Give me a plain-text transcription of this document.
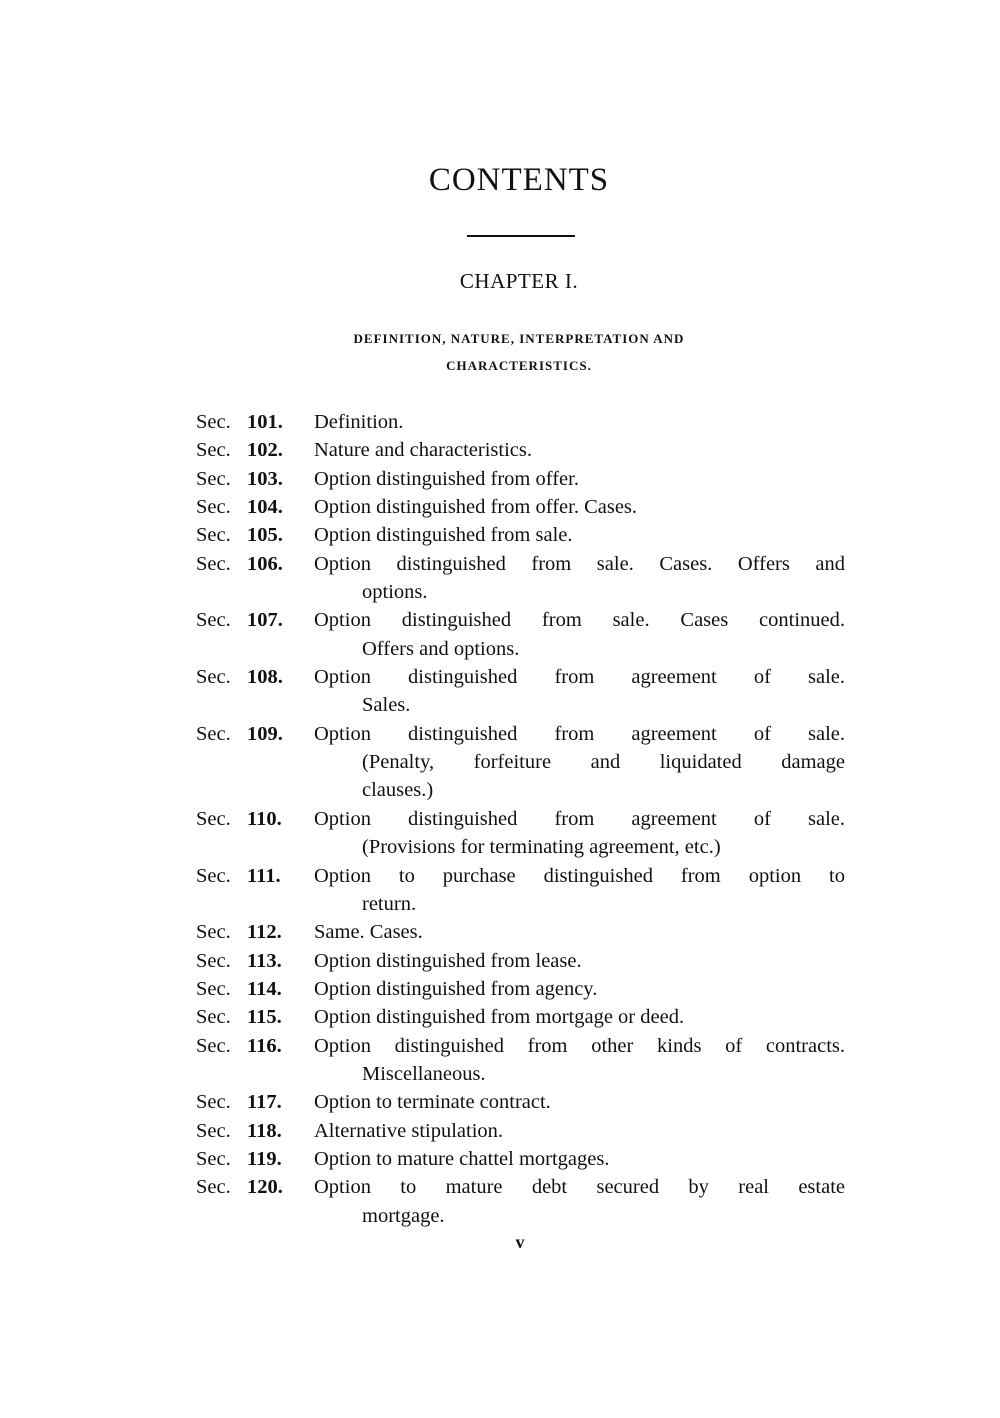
CONTENTS
CHAPTER I.
DEFINITION, NATURE, INTERPRETATION AND
CHARACTERISTICS.
Sec. 101. Definition.
Sec. 102. Nature and characteristics.
Sec. 103. Option distinguished from offer.
Sec. 104. Option distinguished from offer. Cases.
Sec. 105. Option distinguished from sale.
Sec. 106. Option distinguished from sale. Cases. Offers and
options.
Sec. 107. Option distinguished from sale. Cases continued.
Offers and options.
Sec. 108. Option distinguished from agreement of sale.
Sales.
Sec. 109. Option distinguished from agreement of sale.
(Penalty, forfeiture and liquidated damage
clauses.)
Sec. 110. Option distinguished from agreement of sale.
(Provisions for terminating agreement, etc.)
Sec. 111. Option to purchase distinguished from option to
return.
Sec. 112. Same. Cases.
Sec. 113. Option distinguished from lease.
Sec. 114. Option distinguished from agency.
Sec. 115. Option distinguished from mortgage or deed.
Sec. 116. Option distinguished from other kinds of contracts.
Miscellaneous.
Sec. 117. Option to terminate contract.
Sec. 118. Alternative stipulation.
Sec. 119. Option to mature chattel mortgages.
Sec. 120. Option to mature debt secured by real estate
mortgage.
v
